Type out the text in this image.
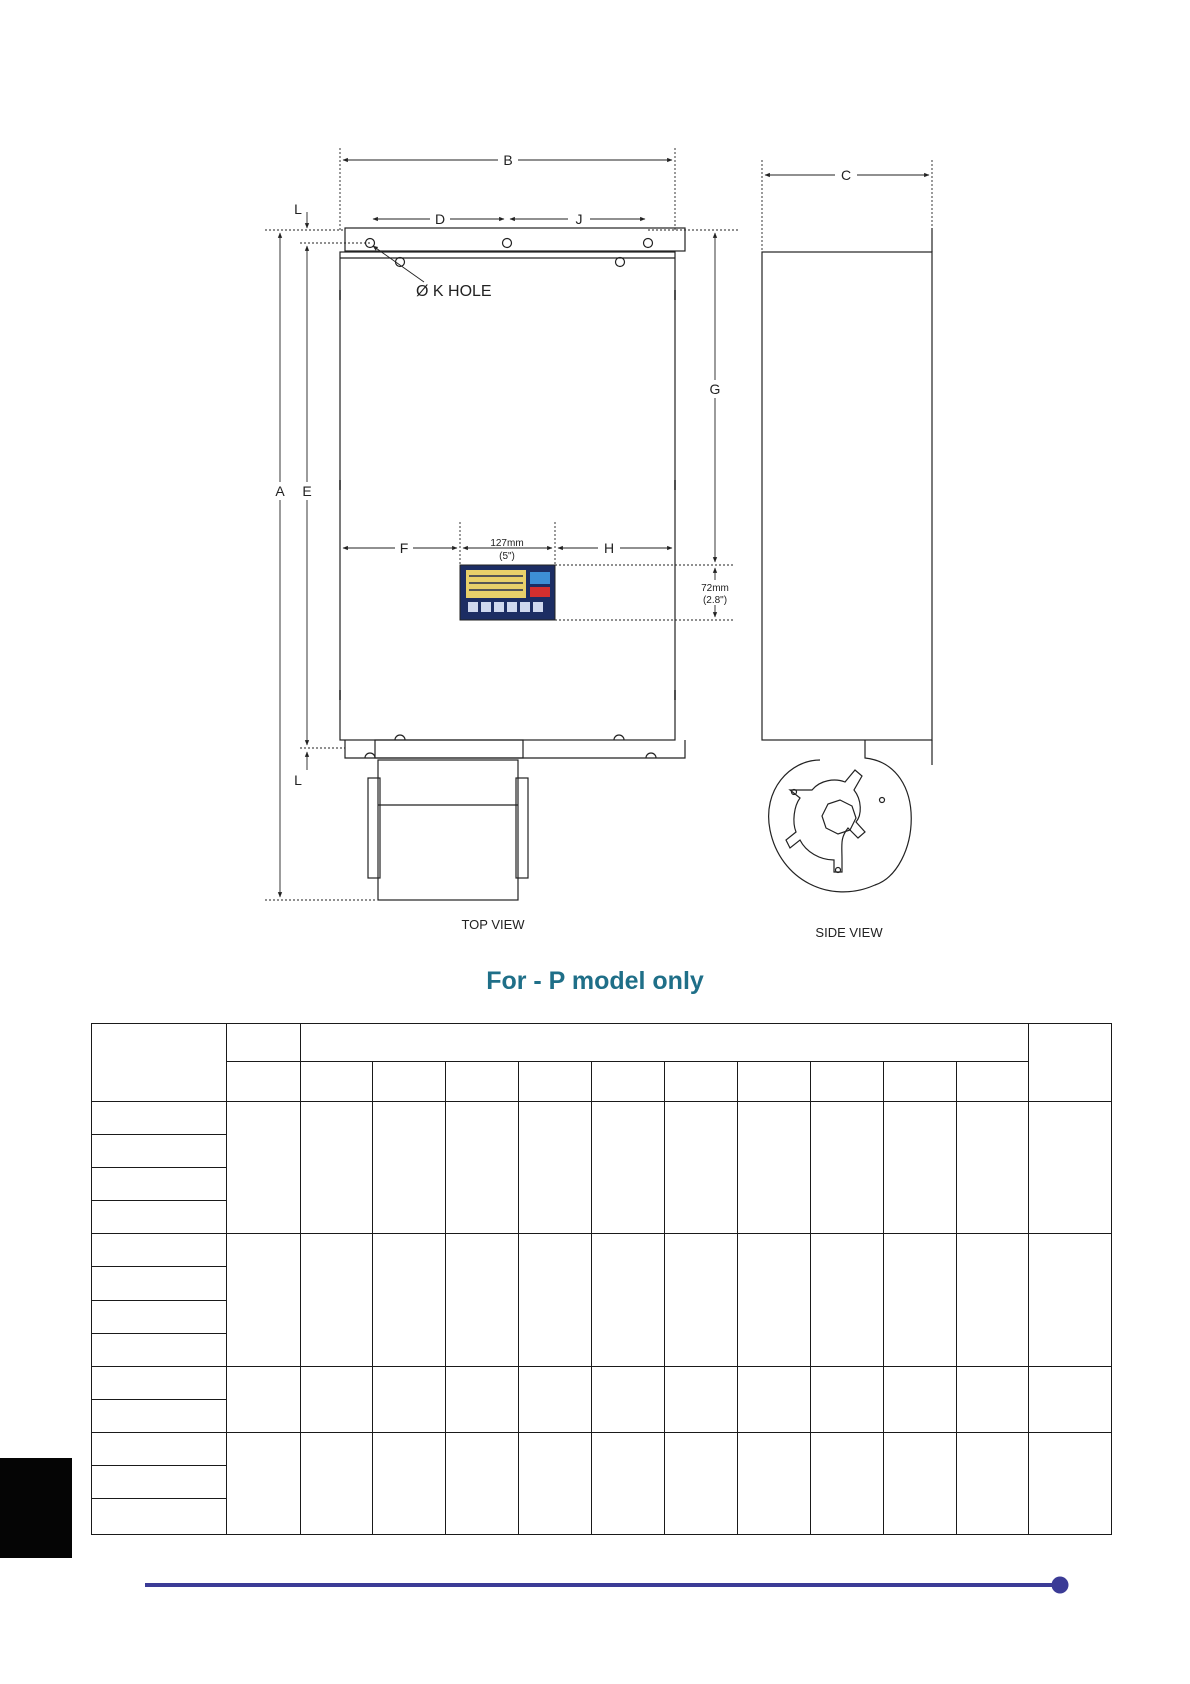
B
C
D	J
A E
L
L
G
F	H
127mm
(5")
72mm
(2.8")
Ø K HOLE
TOP VIEW
SIDE VIEW
For - P model only
